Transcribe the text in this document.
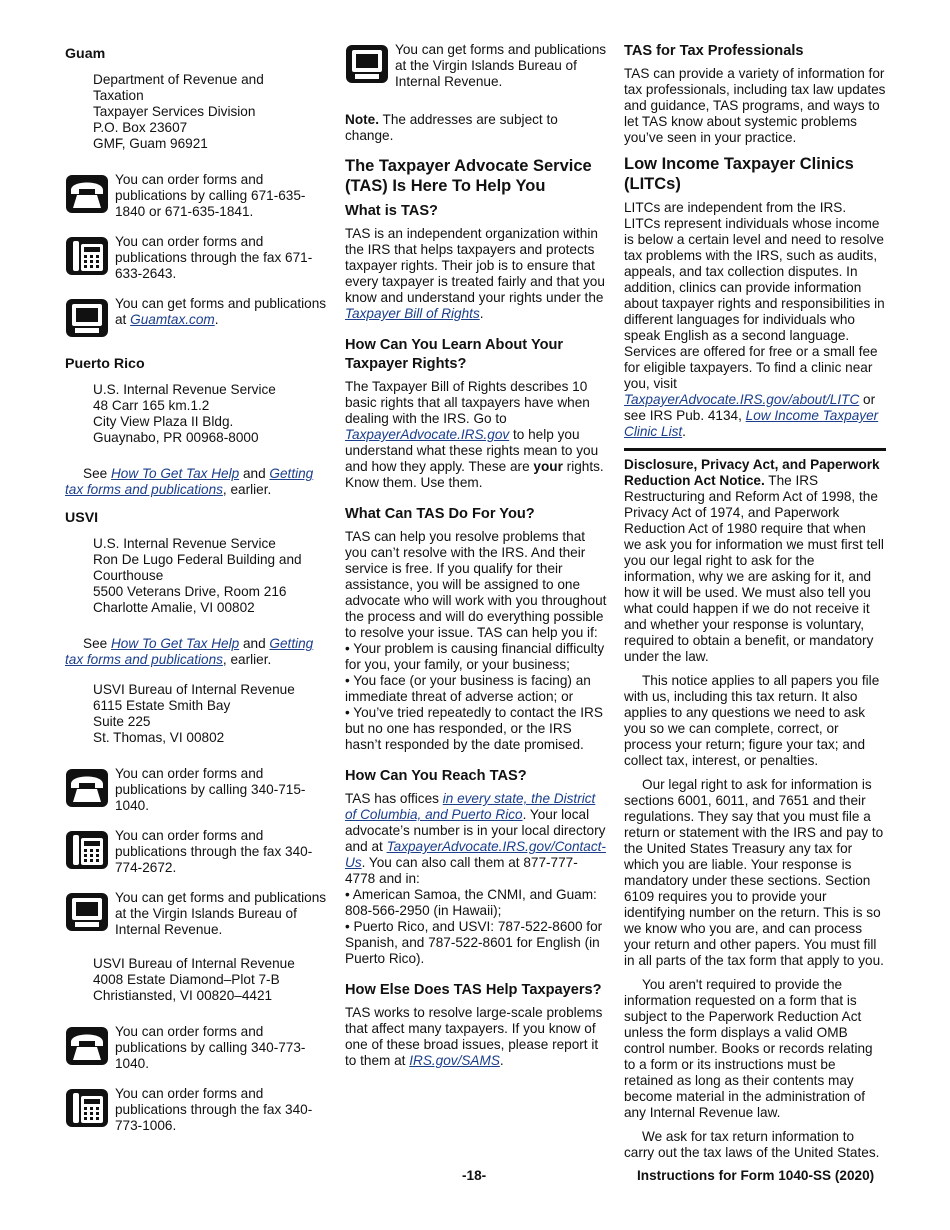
Guam
Department of Revenue and
Taxation
Taxpayer Services Division
P.O. Box 23607
GMF, Guam 96921
You can order forms and publications by calling 671-635-1840 or 671-635-1841.
You can order forms and publications through the fax 671-633-2643.
You can get forms and publications at Guamtax.com.
Puerto Rico
U.S. Internal Revenue Service
48 Carr 165 km.1.2
City View Plaza II Bldg.
Guaynabo, PR 00968-8000
See How To Get Tax Help and Getting tax forms and publications, earlier.
USVI
U.S. Internal Revenue Service
Ron De Lugo Federal Building and
Courthouse
5500 Veterans Drive, Room 216
Charlotte Amalie, VI 00802
See How To Get Tax Help and Getting tax forms and publications, earlier.
USVI Bureau of Internal Revenue
6115 Estate Smith Bay
Suite 225
St. Thomas, VI 00802
You can order forms and publications by calling 340-715-1040.
You can order forms and publications through the fax 340-774-2672.
You can get forms and publications at the Virgin Islands Bureau of Internal Revenue.
USVI Bureau of Internal Revenue
4008 Estate Diamond–Plot 7-B
Christiansted, VI 00820–4421
You can order forms and publications by calling 340-773-1040.
You can order forms and publications through the fax 340-773-1006.
You can get forms and publications at the Virgin Islands Bureau of Internal Revenue.
Note. The addresses are subject to change.
The Taxpayer Advocate Service (TAS) Is Here To Help You
What is TAS?
TAS is an independent organization within the IRS that helps taxpayers and protects taxpayer rights. Their job is to ensure that every taxpayer is treated fairly and that you know and understand your rights under the Taxpayer Bill of Rights.
How Can You Learn About Your Taxpayer Rights?
The Taxpayer Bill of Rights describes 10 basic rights that all taxpayers have when dealing with the IRS. Go to TaxpayerAdvocate.IRS.gov to help you understand what these rights mean to you and how they apply. These are your rights. Know them. Use them.
What Can TAS Do For You?
TAS can help you resolve problems that you can’t resolve with the IRS. And their service is free. If you qualify for their assistance, you will be assigned to one advocate who will work with you throughout the process and will do everything possible to resolve your issue. TAS can help you if:
• Your problem is causing financial difficulty for you, your family, or your business;
• You face (or your business is facing) an immediate threat of adverse action; or
• You’ve tried repeatedly to contact the IRS but no one has responded, or the IRS hasn’t responded by the date promised.
How Can You Reach TAS?
TAS has offices in every state, the District of Columbia, and Puerto Rico. Your local advocate’s number is in your local directory and at TaxpayerAdvocate.IRS.gov/Contact-Us. You can also call them at 877-777-4778 and in:
• American Samoa, the CNMI, and Guam: 808-566-2950 (in Hawaii);
• Puerto Rico, and USVI: 787-522-8600 for Spanish, and 787-522-8601 for English (in Puerto Rico).
How Else Does TAS Help Taxpayers?
TAS works to resolve large-scale problems that affect many taxpayers. If you know of one of these broad issues, please report it to them at IRS.gov/SAMS.
TAS for Tax Professionals
TAS can provide a variety of information for tax professionals, including tax law updates and guidance, TAS programs, and ways to let TAS know about systemic problems you’ve seen in your practice.
Low Income Taxpayer Clinics (LITCs)
LITCs are independent from the IRS. LITCs represent individuals whose income is below a certain level and need to resolve tax problems with the IRS, such as audits, appeals, and tax collection disputes. In addition, clinics can provide information about taxpayer rights and responsibilities in different languages for individuals who speak English as a second language. Services are offered for free or a small fee for eligible taxpayers. To find a clinic near you, visit TaxpayerAdvocate.IRS.gov/about/LITC or see IRS Pub. 4134, Low Income Taxpayer Clinic List.
Disclosure, Privacy Act, and Paperwork Reduction Act Notice. The IRS Restructuring and Reform Act of 1998, the Privacy Act of 1974, and Paperwork Reduction Act of 1980 require that when we ask you for information we must first tell you our legal right to ask for the information, why we are asking for it, and how it will be used. We must also tell you what could happen if we do not receive it and whether your response is voluntary, required to obtain a benefit, or mandatory under the law.
This notice applies to all papers you file with us, including this tax return. It also applies to any questions we need to ask you so we can complete, correct, or process your return; figure your tax; and collect tax, interest, or penalties.
Our legal right to ask for information is sections 6001, 6011, and 7651 and their regulations. They say that you must file a return or statement with the IRS and pay to the United States Treasury any tax for which you are liable. Your response is mandatory under these sections. Section 6109 requires you to provide your identifying number on the return. This is so we know who you are, and can process your return and other papers. You must fill in all parts of the tax form that apply to you.
You aren't required to provide the information requested on a form that is subject to the Paperwork Reduction Act unless the form displays a valid OMB control number. Books or records relating to a form or its instructions must be retained as long as their contents may become material in the administration of any Internal Revenue law.
We ask for tax return information to carry out the tax laws of the United States.
-18-	Instructions for Form 1040-SS (2020)
